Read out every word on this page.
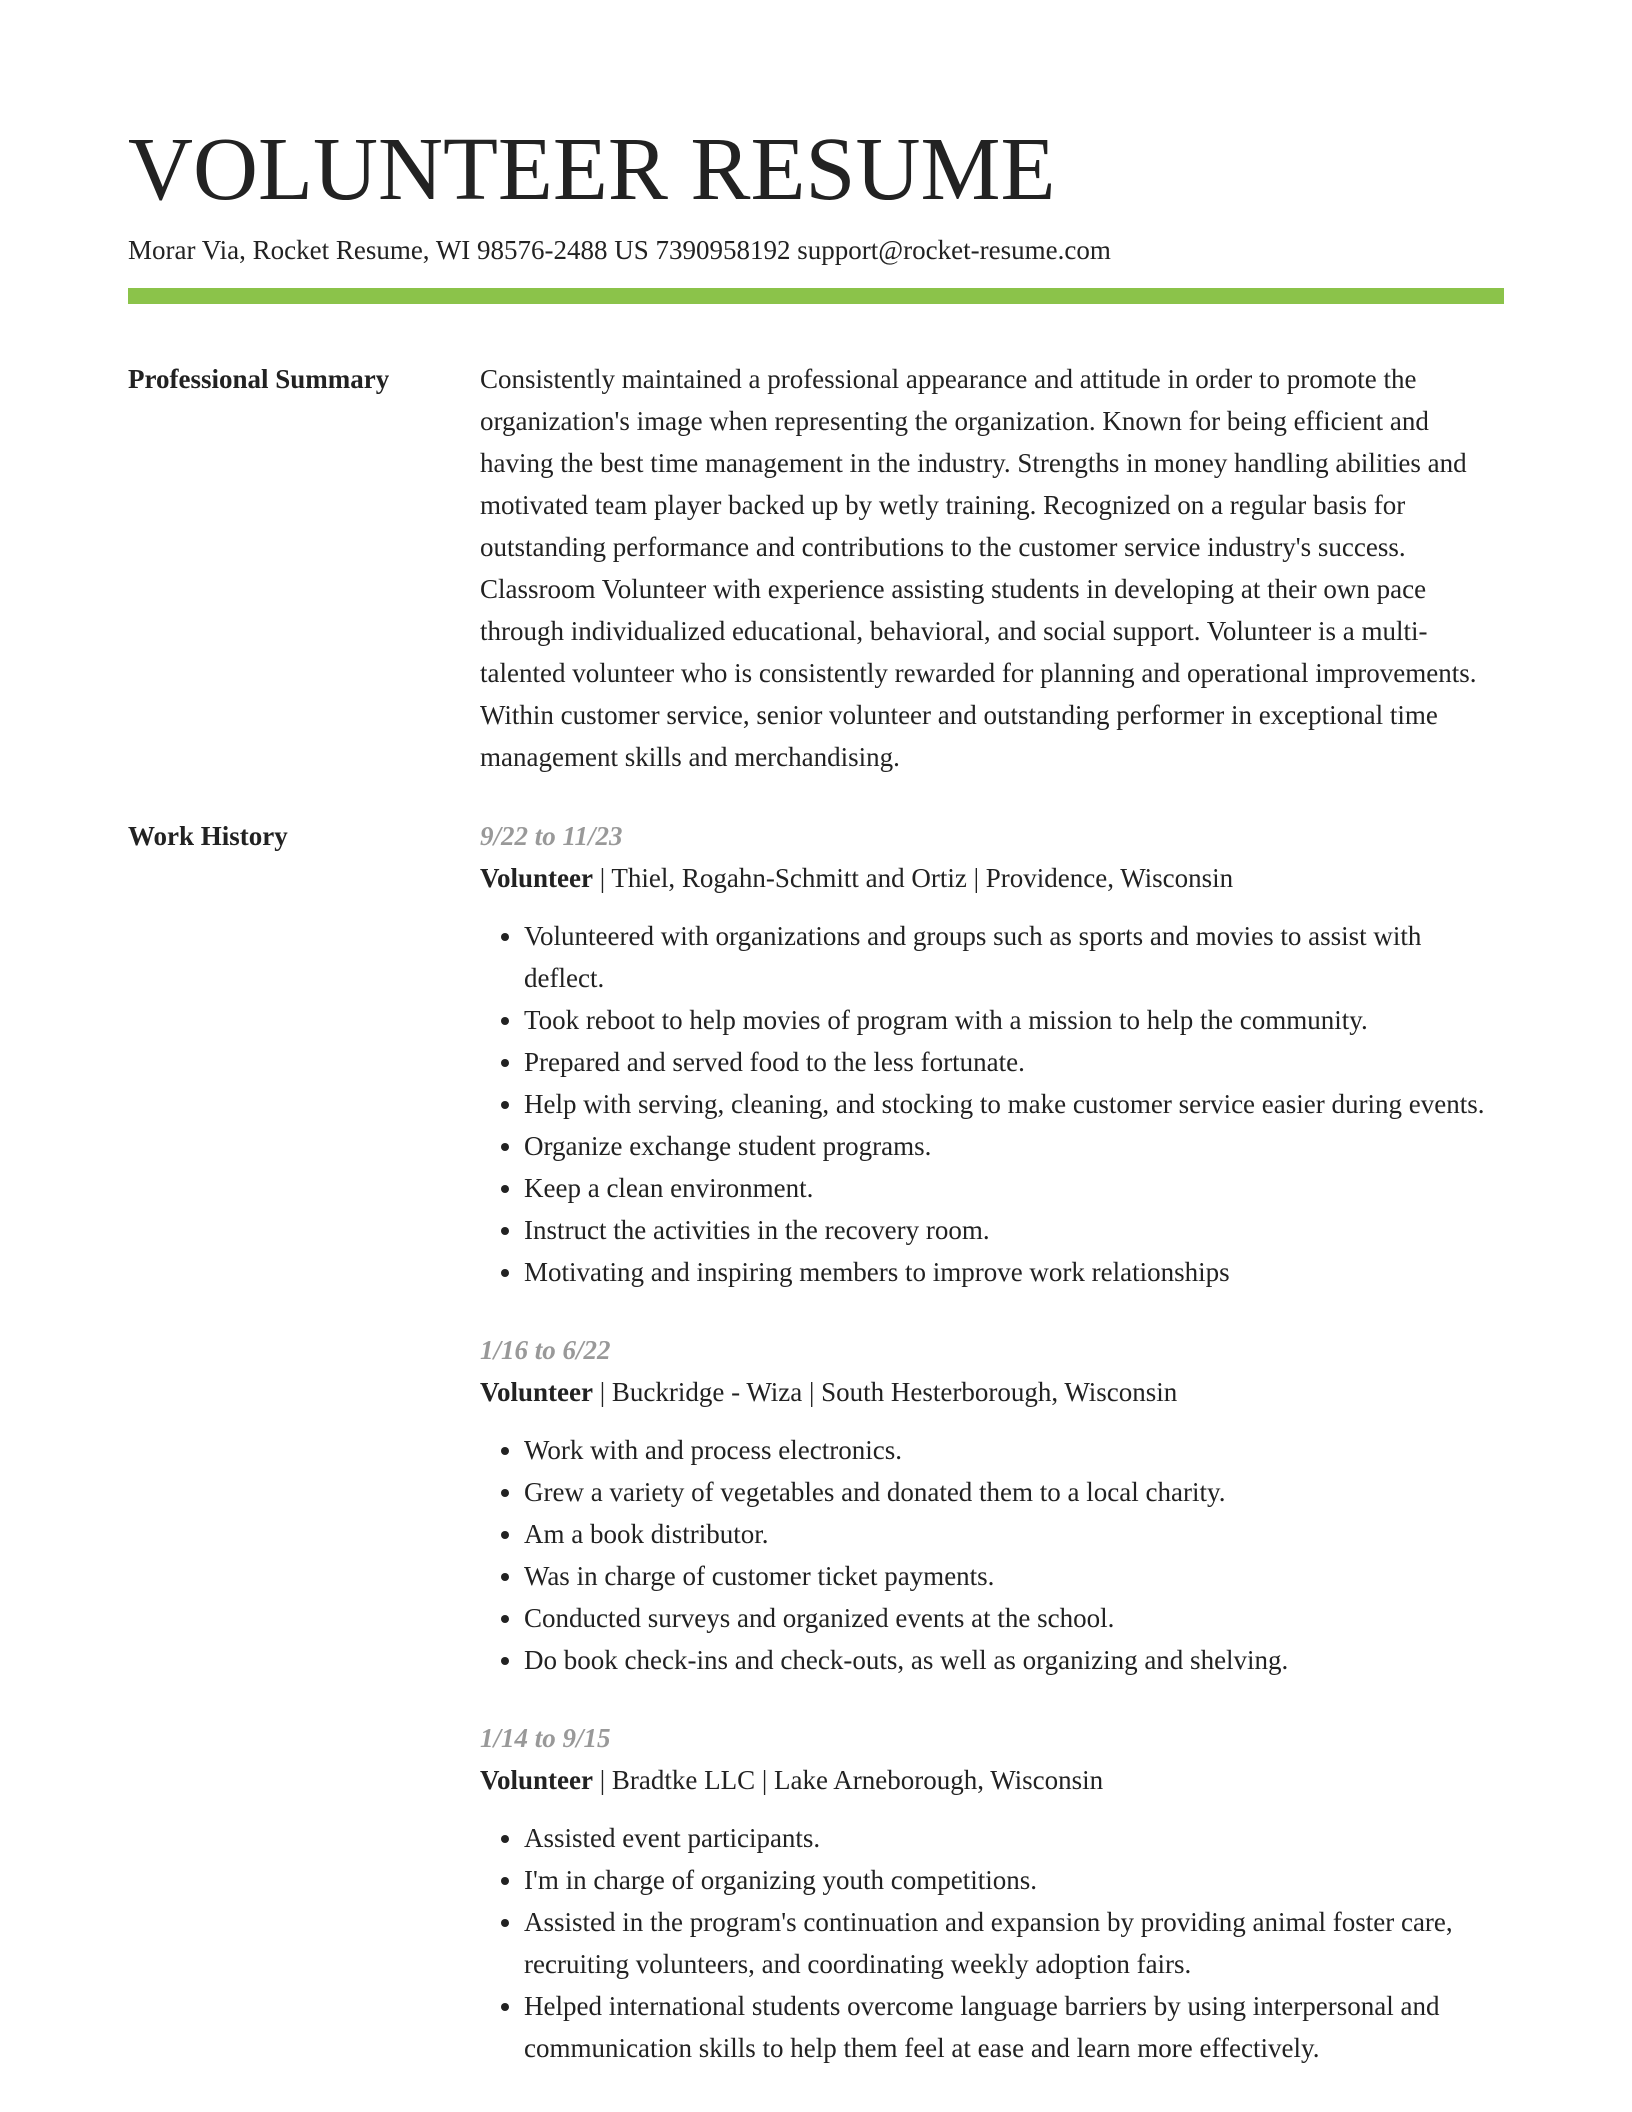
VOLUNTEER RESUME
Morar Via, Rocket Resume, WI 98576-2488 US 7390958192 support@rocket-resume.com
Professional Summary	Consistently maintained a professional appearance and attitude in order to promote the organization's image when representing the organization. Known for being efficient and having the best time management in the industry. Strengths in money handling abilities and motivated team player backed up by wetly training. Recognized on a regular basis for outstanding performance and contributions to the customer service industry's success. Classroom Volunteer with experience assisting students in developing at their own pace through individualized educational, behavioral, and social support. Volunteer is a multi-talented volunteer who is consistently rewarded for planning and operational improvements. Within customer service, senior volunteer and outstanding performer in exceptional time management skills and merchandising.

Work History	9/22 to 11/23
Volunteer | Thiel, Rogahn-Schmitt and Ortiz | Providence, Wisconsin
• Volunteered with organizations and groups such as sports and movies to assist with deflect.
• Took reboot to help movies of program with a mission to help the community.
• Prepared and served food to the less fortunate.
• Help with serving, cleaning, and stocking to make customer service easier during events.
• Organize exchange student programs.
• Keep a clean environment.
• Instruct the activities in the recovery room.
• Motivating and inspiring members to improve work relationships
1/16 to 6/22
Volunteer | Buckridge - Wiza | South Hesterborough, Wisconsin
• Work with and process electronics.
• Grew a variety of vegetables and donated them to a local charity.
• Am a book distributor.
• Was in charge of customer ticket payments.
• Conducted surveys and organized events at the school.
• Do book check-ins and check-outs, as well as organizing and shelving.
1/14 to 9/15
Volunteer | Bradtke LLC | Lake Arneborough, Wisconsin
• Assisted event participants.
• I'm in charge of organizing youth competitions.
• Assisted in the program's continuation and expansion by providing animal foster care, recruiting volunteers, and coordinating weekly adoption fairs.
• Helped international students overcome language barriers by using interpersonal and communication skills to help them feel at ease and learn more effectively.
